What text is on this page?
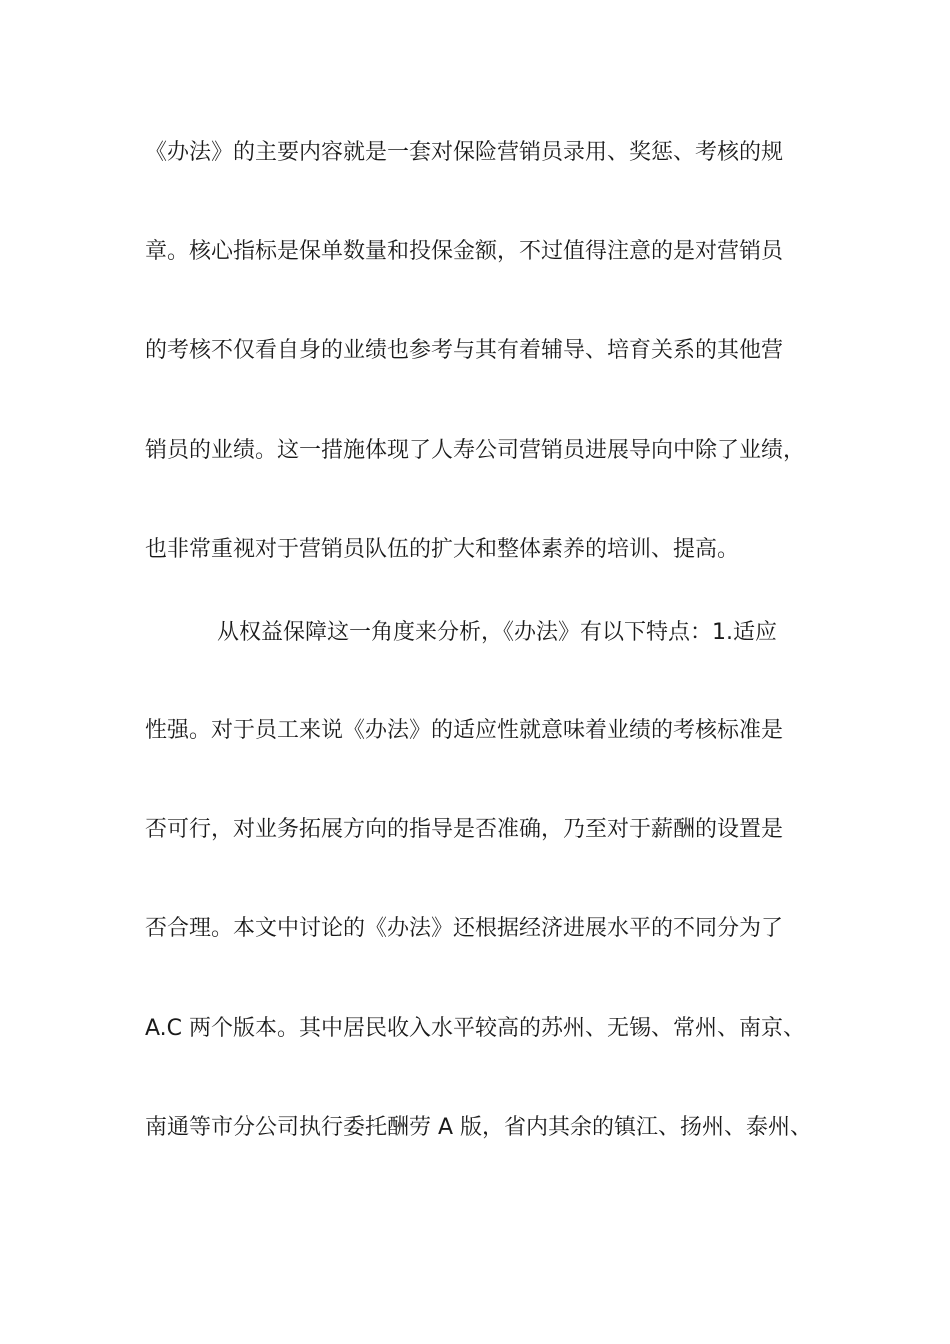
《办法》的主要内容就是一套对保险营销员录用、奖惩、考核的规
章。核心指标是保单数量和投保金额，不过值得注意的是对营销员
的考核不仅看自身的业绩也参考与其有着辅导、培育关系的其他营
销员的业绩。这一措施体现了人寿公司营销员进展导向中除了业绩，
也非常重视对于营销员队伍的扩大和整体素养的培训、提高。
从权益保障这一角度来分析，《办法》有以下特点：1.适应
性强。对于员工来说《办法》的适应性就意味着业绩的考核标准是
否可行，对业务拓展方向的指导是否准确，乃至对于薪酬的设置是
否合理。本文中讨论的《办法》还根据经济进展水平的不同分为了
A.C 两个版本。其中居民收入水平较高的苏州、无锡、常州、南京、
南通等市分公司执行委托酬劳 A 版，省内其余的镇江、扬州、泰州、
